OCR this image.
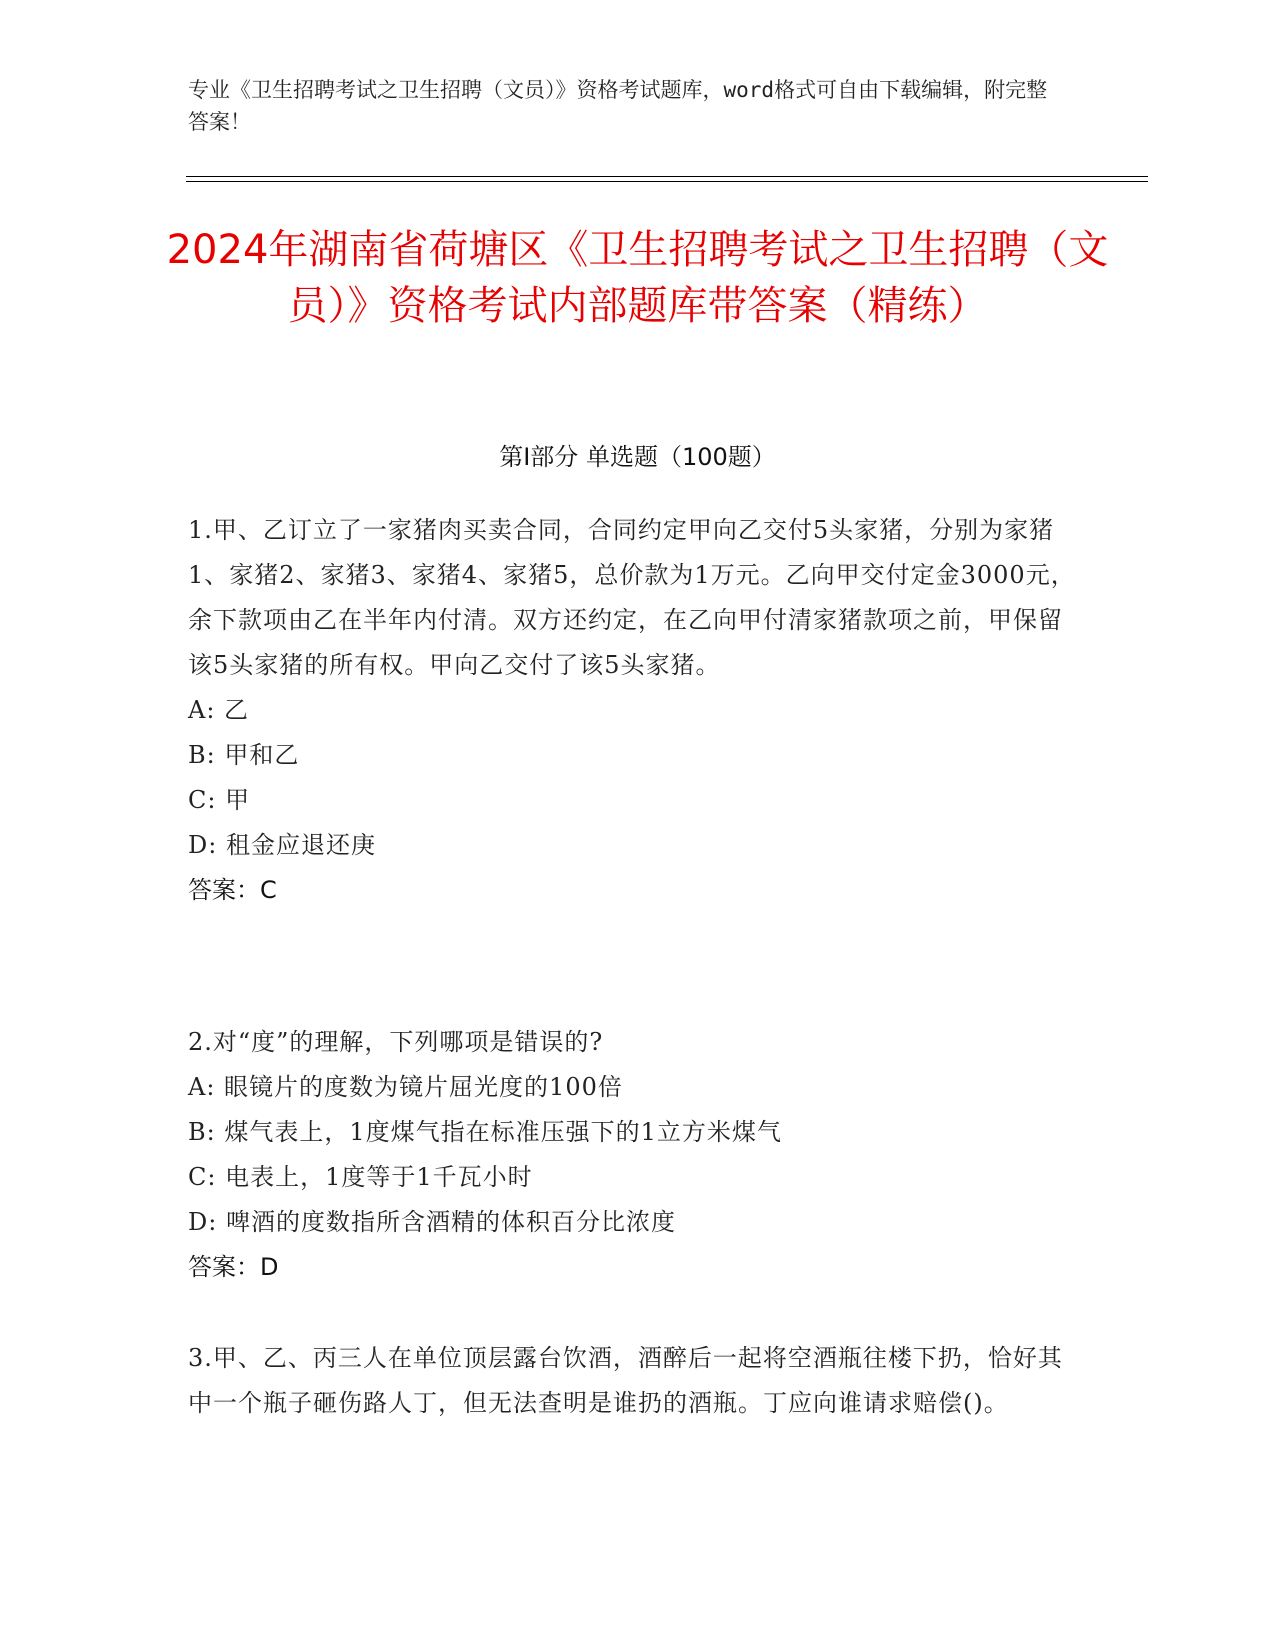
专业《卫生招聘考试之卫生招聘（文员）》资格考试题库，word格式可自由下载编辑，附完整答案！
2024年湖南省荷塘区《卫生招聘考试之卫生招聘（文员）》资格考试内部题库带答案（精练）
第I部分 单选题（100题）
1.甲、乙订立了一家猪肉买卖合同，合同约定甲向乙交付5头家猪，分别为家猪1、家猪2、家猪3、家猪4、家猪5，总价款为1万元。乙向甲交付定金3000元，余下款项由乙在半年内付清。双方还约定，在乙向甲付清家猪款项之前，甲保留该5头家猪的所有权。甲向乙交付了该5头家猪。
A: 乙
B: 甲和乙
C: 甲
D: 租金应退还庚
答案：C
2.对“度”的理解，下列哪项是错误的?
A: 眼镜片的度数为镜片屈光度的100倍
B: 煤气表上，1度煤气指在标准压强下的1立方米煤气
C: 电表上，1度等于1千瓦小时
D: 啤酒的度数指所含酒精的体积百分比浓度
答案：D
3.甲、乙、丙三人在单位顶层露台饮酒，酒醉后一起将空酒瓶往楼下扔，恰好其中一个瓶子砸伤路人丁，但无法查明是谁扔的酒瓶。丁应向谁请求赔偿()。
